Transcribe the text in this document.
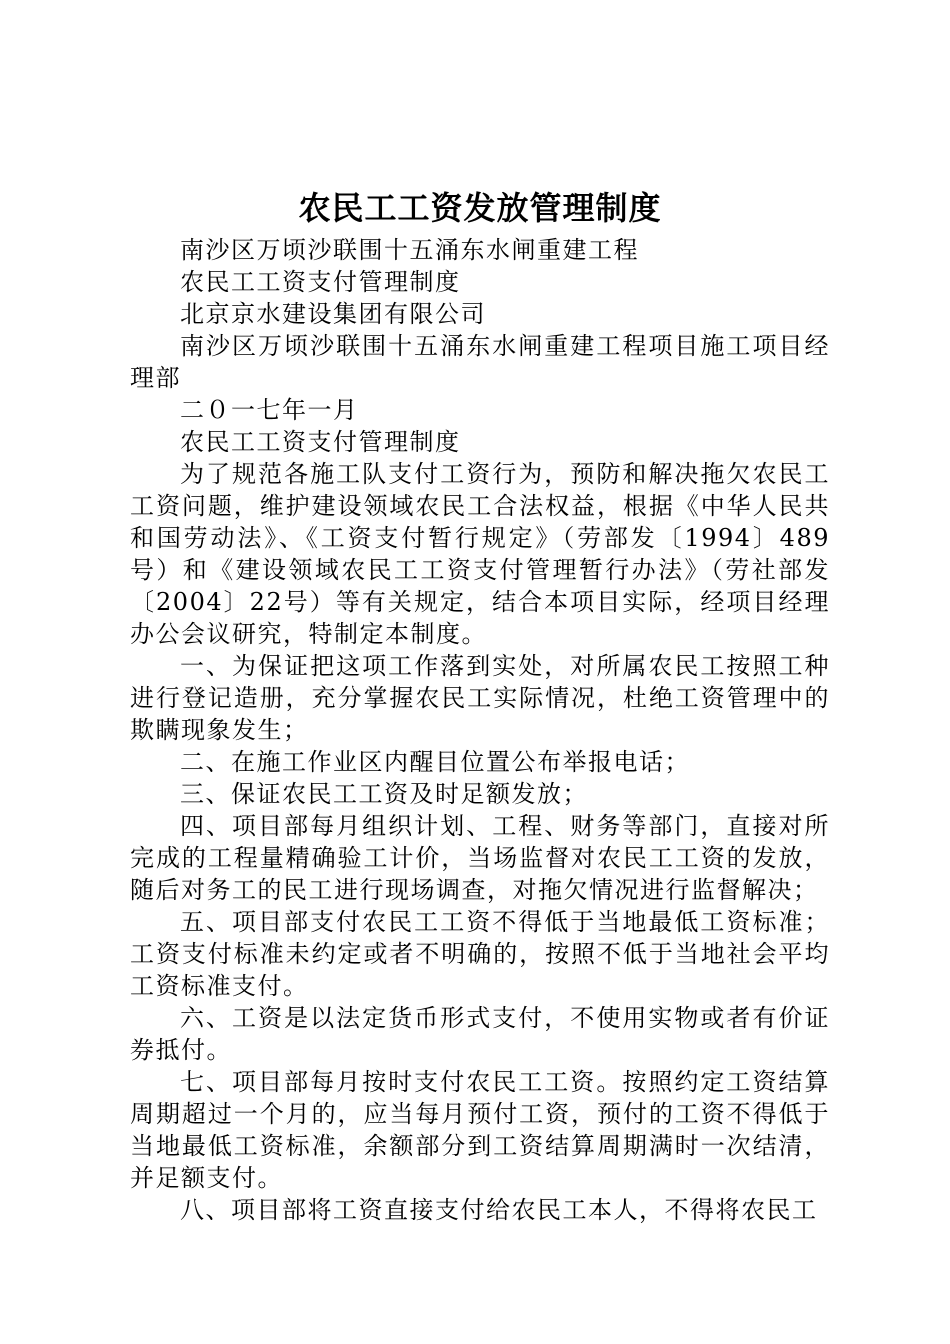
农民工工资发放管理制度

南沙区万顷沙联围十五涌东水闸重建工程

农民工工资支付管理制度

北京京水建设集团有限公司

南沙区万顷沙联围十五涌东水闸重建工程项目施工项目经理部

二０一七年一月

农民工工资支付管理制度

为了规范各施工队支付工资行为，预防和解决拖欠农民工工资问题，维护建设领域农民工合法权益，根据《中华人民共和国劳动法》、《工资支付暂行规定》（劳部发〔1994〕489号）和《建设领域农民工工资支付管理暂行办法》（劳社部发〔2004〕22号）等有关规定，结合本项目实际，经项目经理办公会议研究，特制定本制度。

一、为保证把这项工作落到实处，对所属农民工按照工种进行登记造册，充分掌握农民工实际情况，杜绝工资管理中的欺瞒现象发生；

二、在施工作业区内醒目位置公布举报电话；

三、保证农民工工资及时足额发放；

四、项目部每月组织计划、工程、财务等部门，直接对所完成的工程量精确验工计价，当场监督对农民工工资的发放，随后对务工的民工进行现场调查，对拖欠情况进行监督解决；

五、项目部支付农民工工资不得低于当地最低工资标准；工资支付标准未约定或者不明确的，按照不低于当地社会平均工资标准支付。

六、工资是以法定货币形式支付，不使用实物或者有价证券抵付。

七、项目部每月按时支付农民工工资。按照约定工资结算周期超过一个月的，应当每月预付工资，预付的工资不得低于当地最低工资标准，余额部分到工资结算周期满时一次结清，并足额支付。

八、项目部将工资直接支付给农民工本人，不得将农民工
